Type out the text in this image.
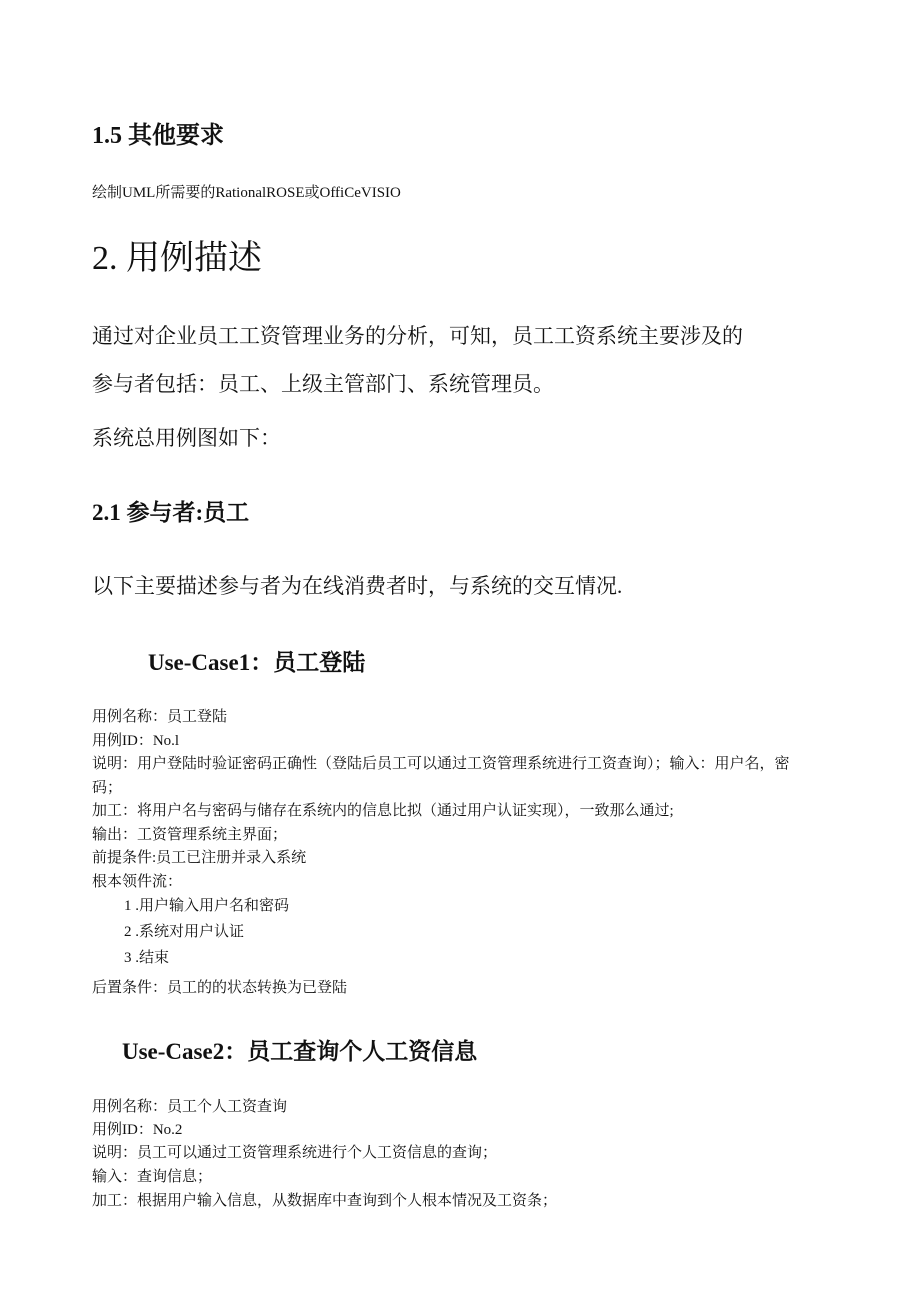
1.5 其他要求
绘制UML所需要的RationalROSE或OffiCeVISIO
2. 用例描述
通过对企业员工工资管理业务的分析，可知，员工工资系统主要涉及的
参与者包括：员工、上级主管部门、系统管理员。
系统总用例图如下：
2.1 参与者:员工
以下主要描述参与者为在线消费者时，与系统的交互情况.
Use-Case1：员工登陆
用例名称：员工登陆
用例ID：No.l
说明：用户登陆时验证密码正确性（登陆后员工可以通过工资管理系统进行工资查询）；输入：用户名，密
码；
加工：将用户名与密码与储存在系统内的信息比拟（通过用户认证实现），一致那么通过;
输出：工资管理系统主界面；
前提条件:员工已注册并录入系统
根本领件流：
1 .用户输入用户名和密码
2 .系统对用户认证
3 .结束
后置条件：员工的的状态转换为已登陆
Use-Case2：员工查询个人工资信息
用例名称：员工个人工资查询
用例ID：No.2
说明：员工可以通过工资管理系统进行个人工资信息的查询；
输入：查询信息；
加工：根据用户输入信息，从数据库中查询到个人根本情况及工资条；
